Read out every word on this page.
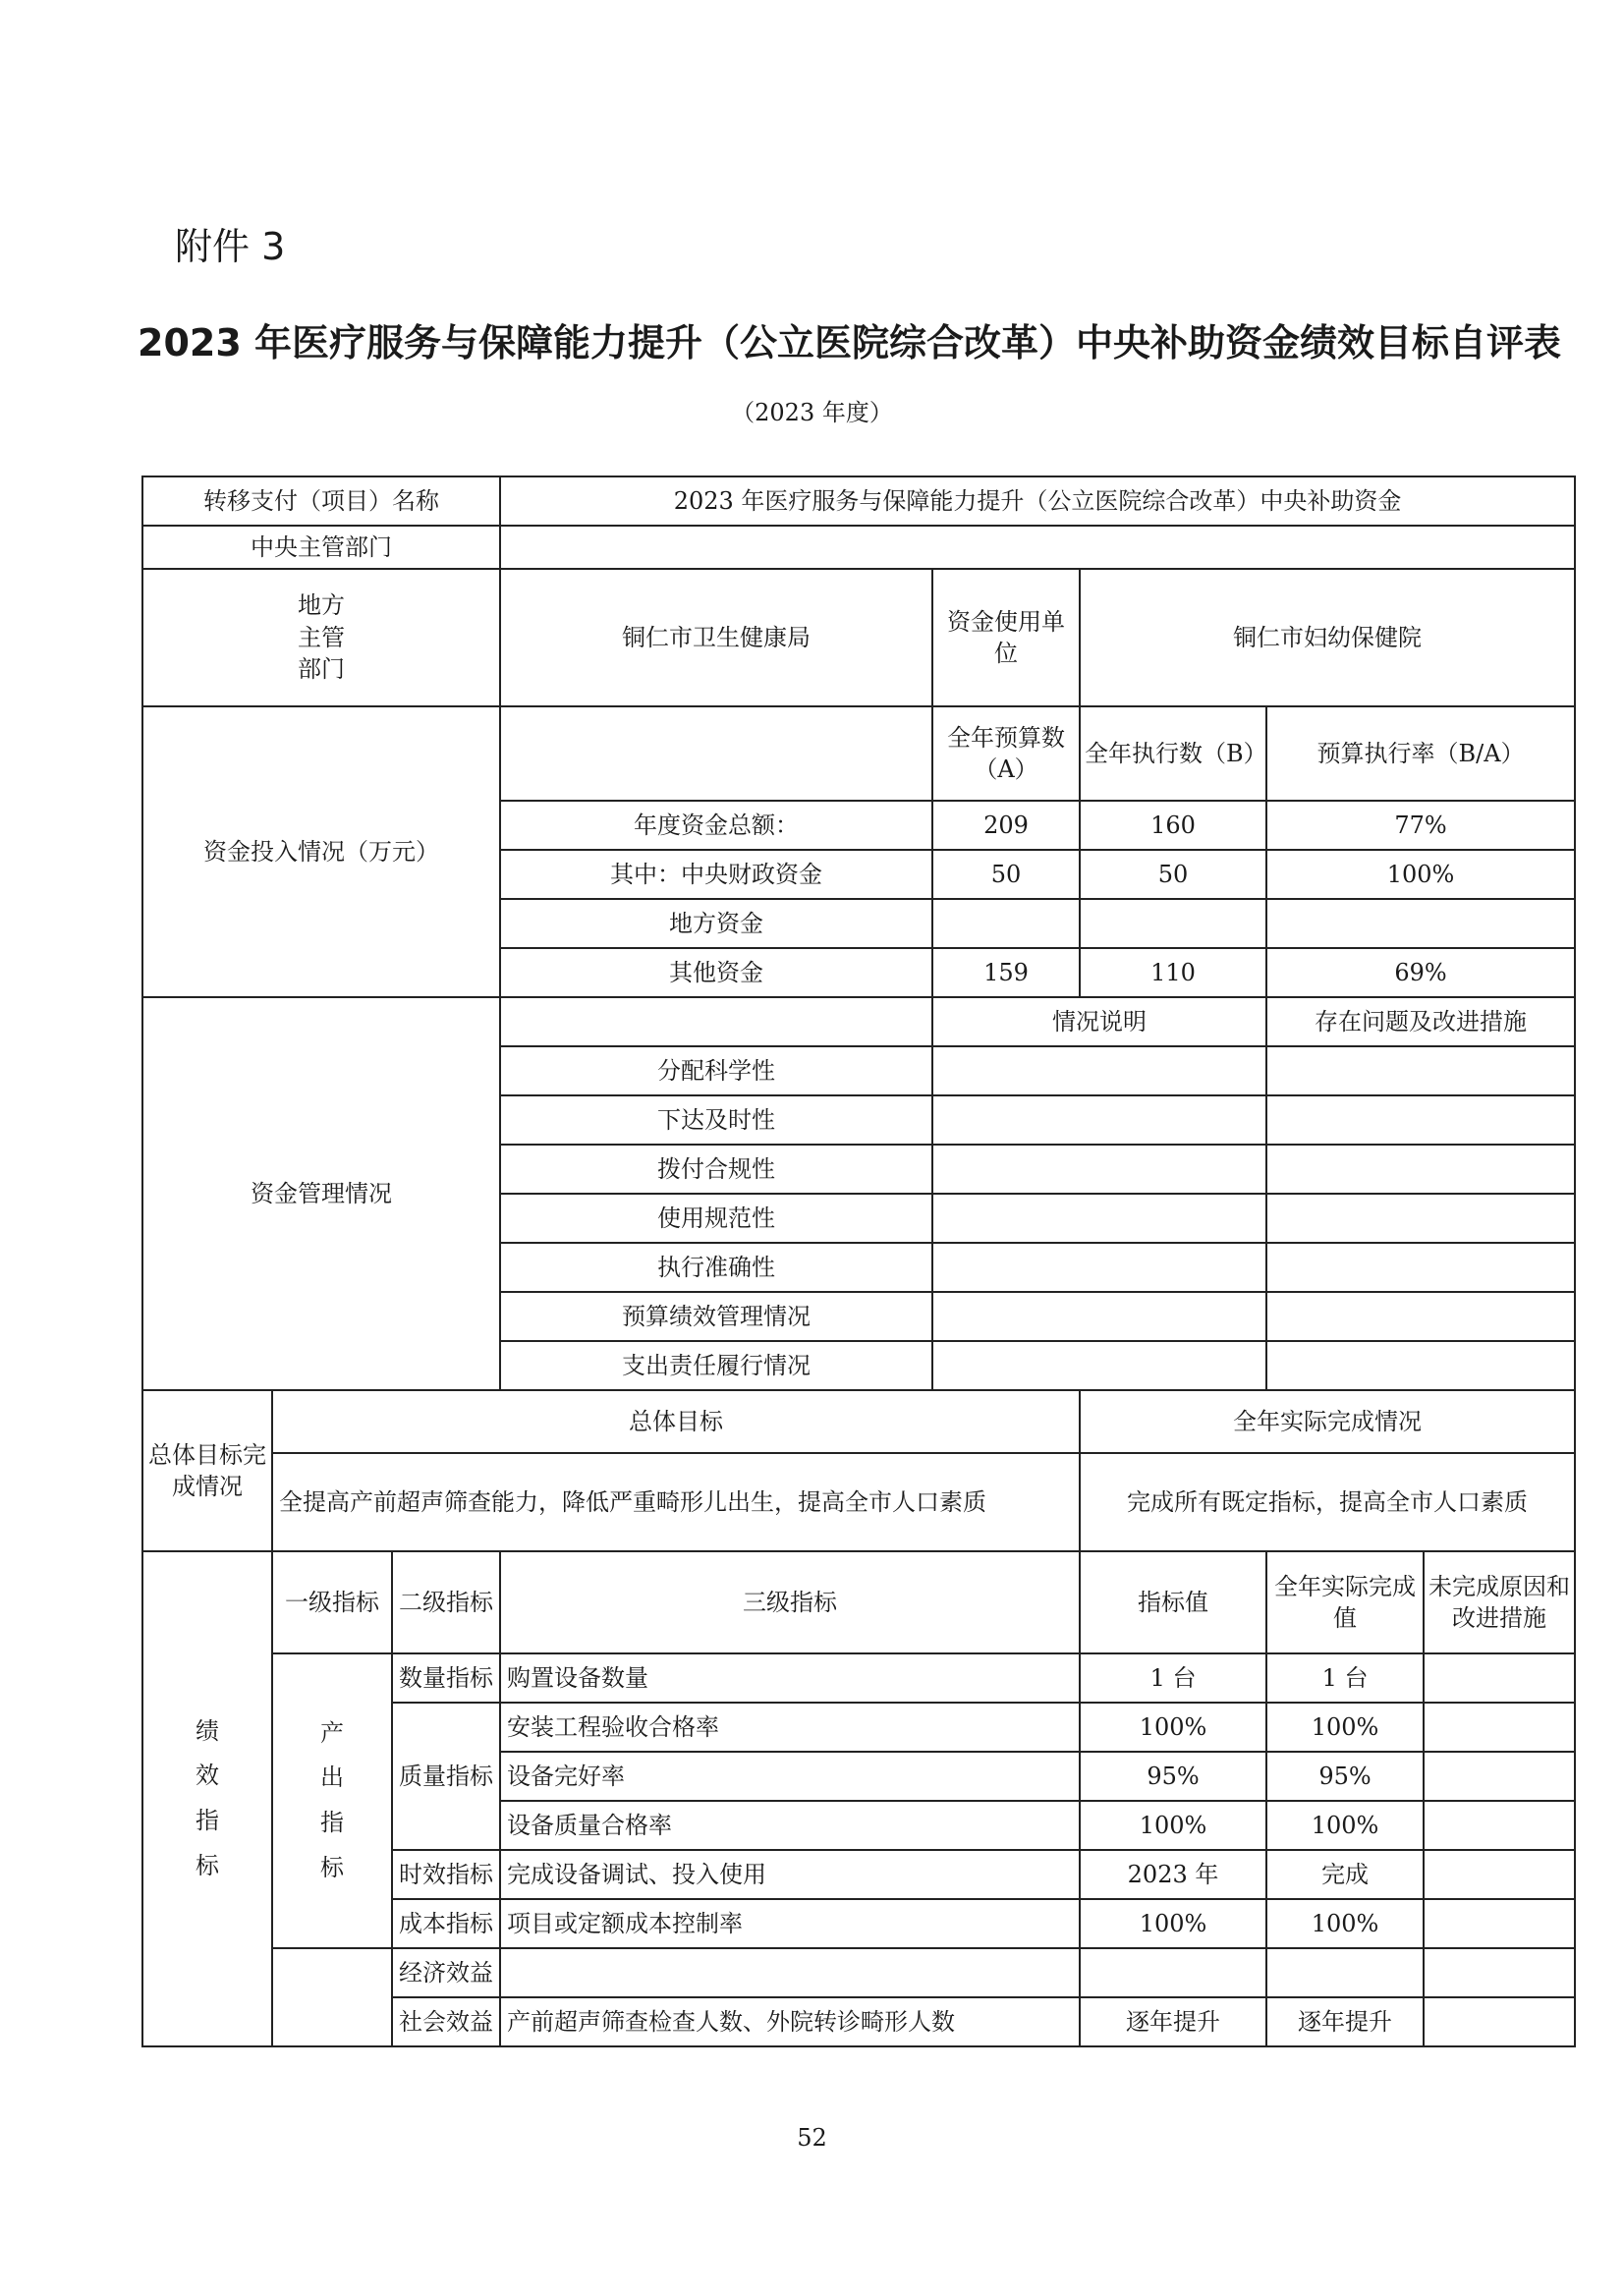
附件 3
2023 年医疗服务与保障能力提升（公立医院综合改革）中央补助资金绩效目标自评表
（2023 年度）
转移支付（项目）名称			2023 年医疗服务与保障能力提升（公立医院综合改革）中央补助资金				
中央主管部门							
地方
主管
部门			铜仁市卫生健康局	资金使用单位	铜仁市妇幼保健院		
资金投入情况（万元）				全年预算数（A）	全年执行数（B）	预算执行率（B/A）	
			年度资金总额：	209	160	77%	
			其中：中央财政资金	50	50	100%	
			地方资金				
			其他资金	159	110	69%	
资金管理情况				情况说明		存在问题及改进措施	
			分配科学性				
			下达及时性				
			拨付合规性				
			使用规范性				
			执行准确性				
			预算绩效管理情况				
			支出责任履行情况				
总体目标完成情况	总体目标				全年实际完成情况		
	全提高产前超声筛查能力，降低严重畸形儿出生，提高全市人口素质				完成所有既定指标，提高全市人口素质		
绩效指标	一级指标	二级指标	三级指标		指标值	全年实际完成值	未完成原因和改进措施
	产出指标	数量指标	购置设备数量		1 台	1 台	
		质量指标	安装工程验收合格率		100%	100%	
			设备完好率		95%	95%	
			设备质量合格率		100%	100%	
		时效指标	完成设备调试、投入使用		2023 年	完成	
		成本指标	项目或定额成本控制率		100%	100%	
		经济效益					
		社会效益	产前超声筛查检查人数、外院转诊畸形人数		逐年提升	逐年提升	
52
